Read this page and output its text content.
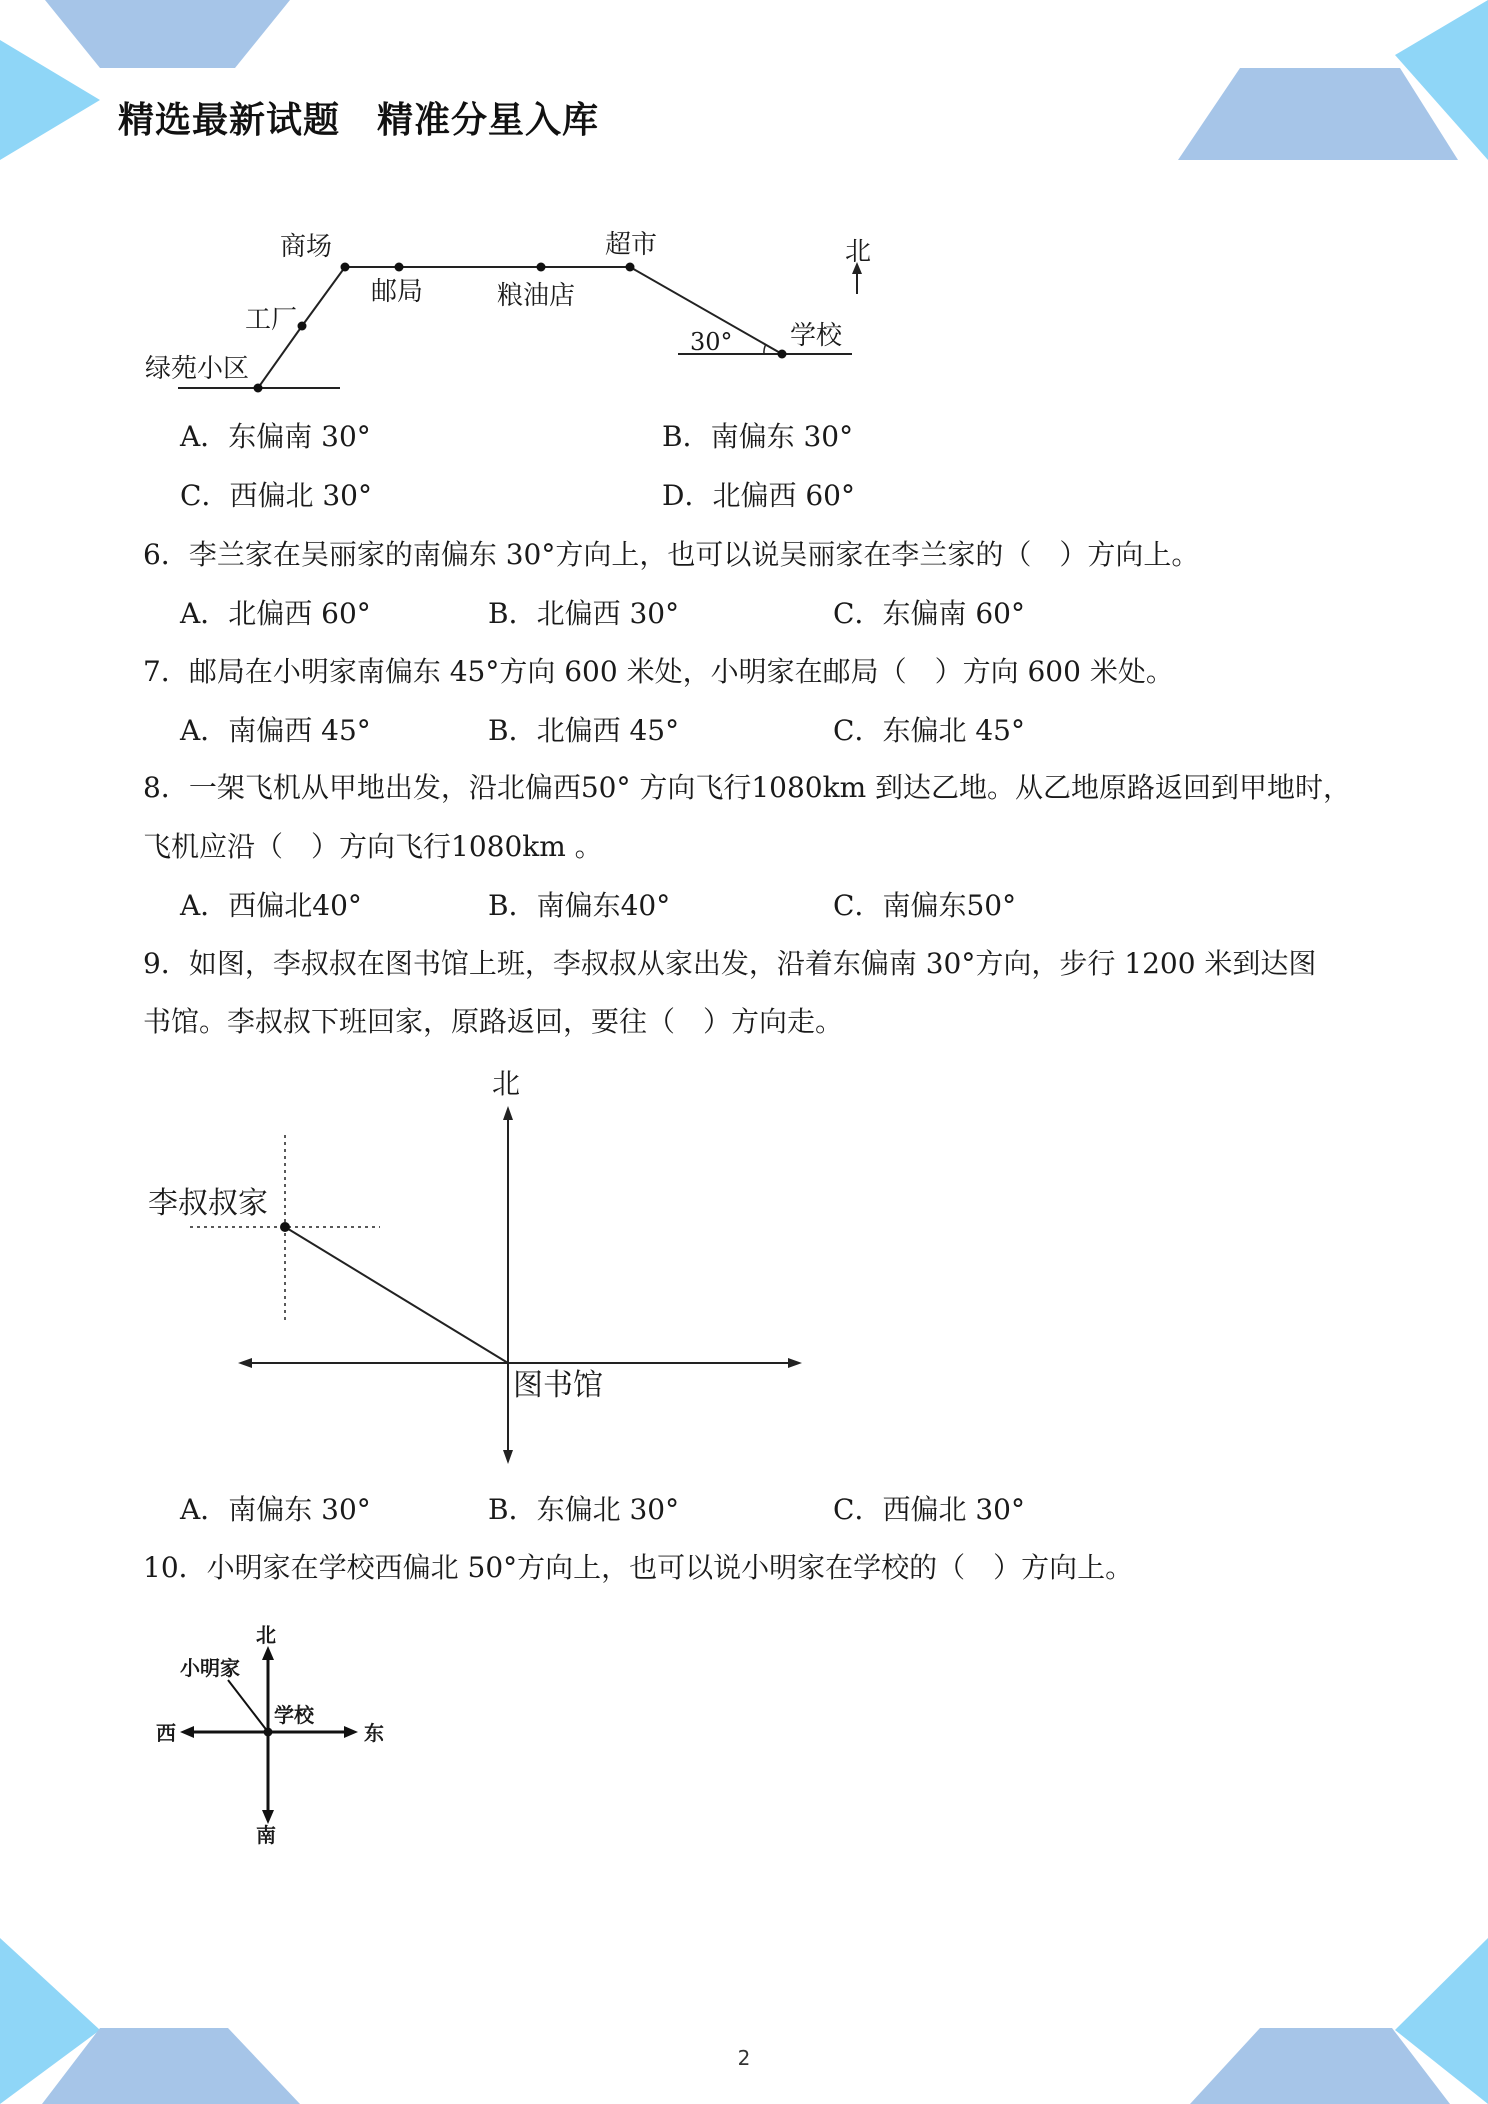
精选最新试题　精准分星入库
商场
工厂
绿苑小区
邮局	粮油店
超市
学校
30°
北
A．东偏南 30°	B．南偏东 30°
C．西偏北 30°	D．北偏西 60°
6．李兰家在吴丽家的南偏东 30°方向上，也可以说吴丽家在李兰家的（　）方向上。
A．北偏西 60°	B．北偏西 30°	C．东偏南 60°
7．邮局在小明家南偏东 45°方向 600 米处，小明家在邮局（　）方向 600 米处。
A．南偏西 45°	B．北偏西 45°	C．东偏北 45°
8．一架飞机从甲地出发，沿北偏西50° 方向飞行1080km 到达乙地。从乙地原路返回到甲地时，
飞机应沿（　）方向飞行1080km 。
A．西偏北40°	B．南偏东40°	C．南偏东50°
9．如图，李叔叔在图书馆上班，李叔叔从家出发，沿着东偏南 30°方向，步行 1200 米到达图
书馆。李叔叔下班回家，原路返回，要往（　）方向走。
北
李叔叔家
图书馆
A．南偏东 30°	B．东偏北 30°	C．西偏北 30°
10．小明家在学校西偏北 50°方向上，也可以说小明家在学校的（　）方向上。
北
南
东
西
小明家
学校
2
